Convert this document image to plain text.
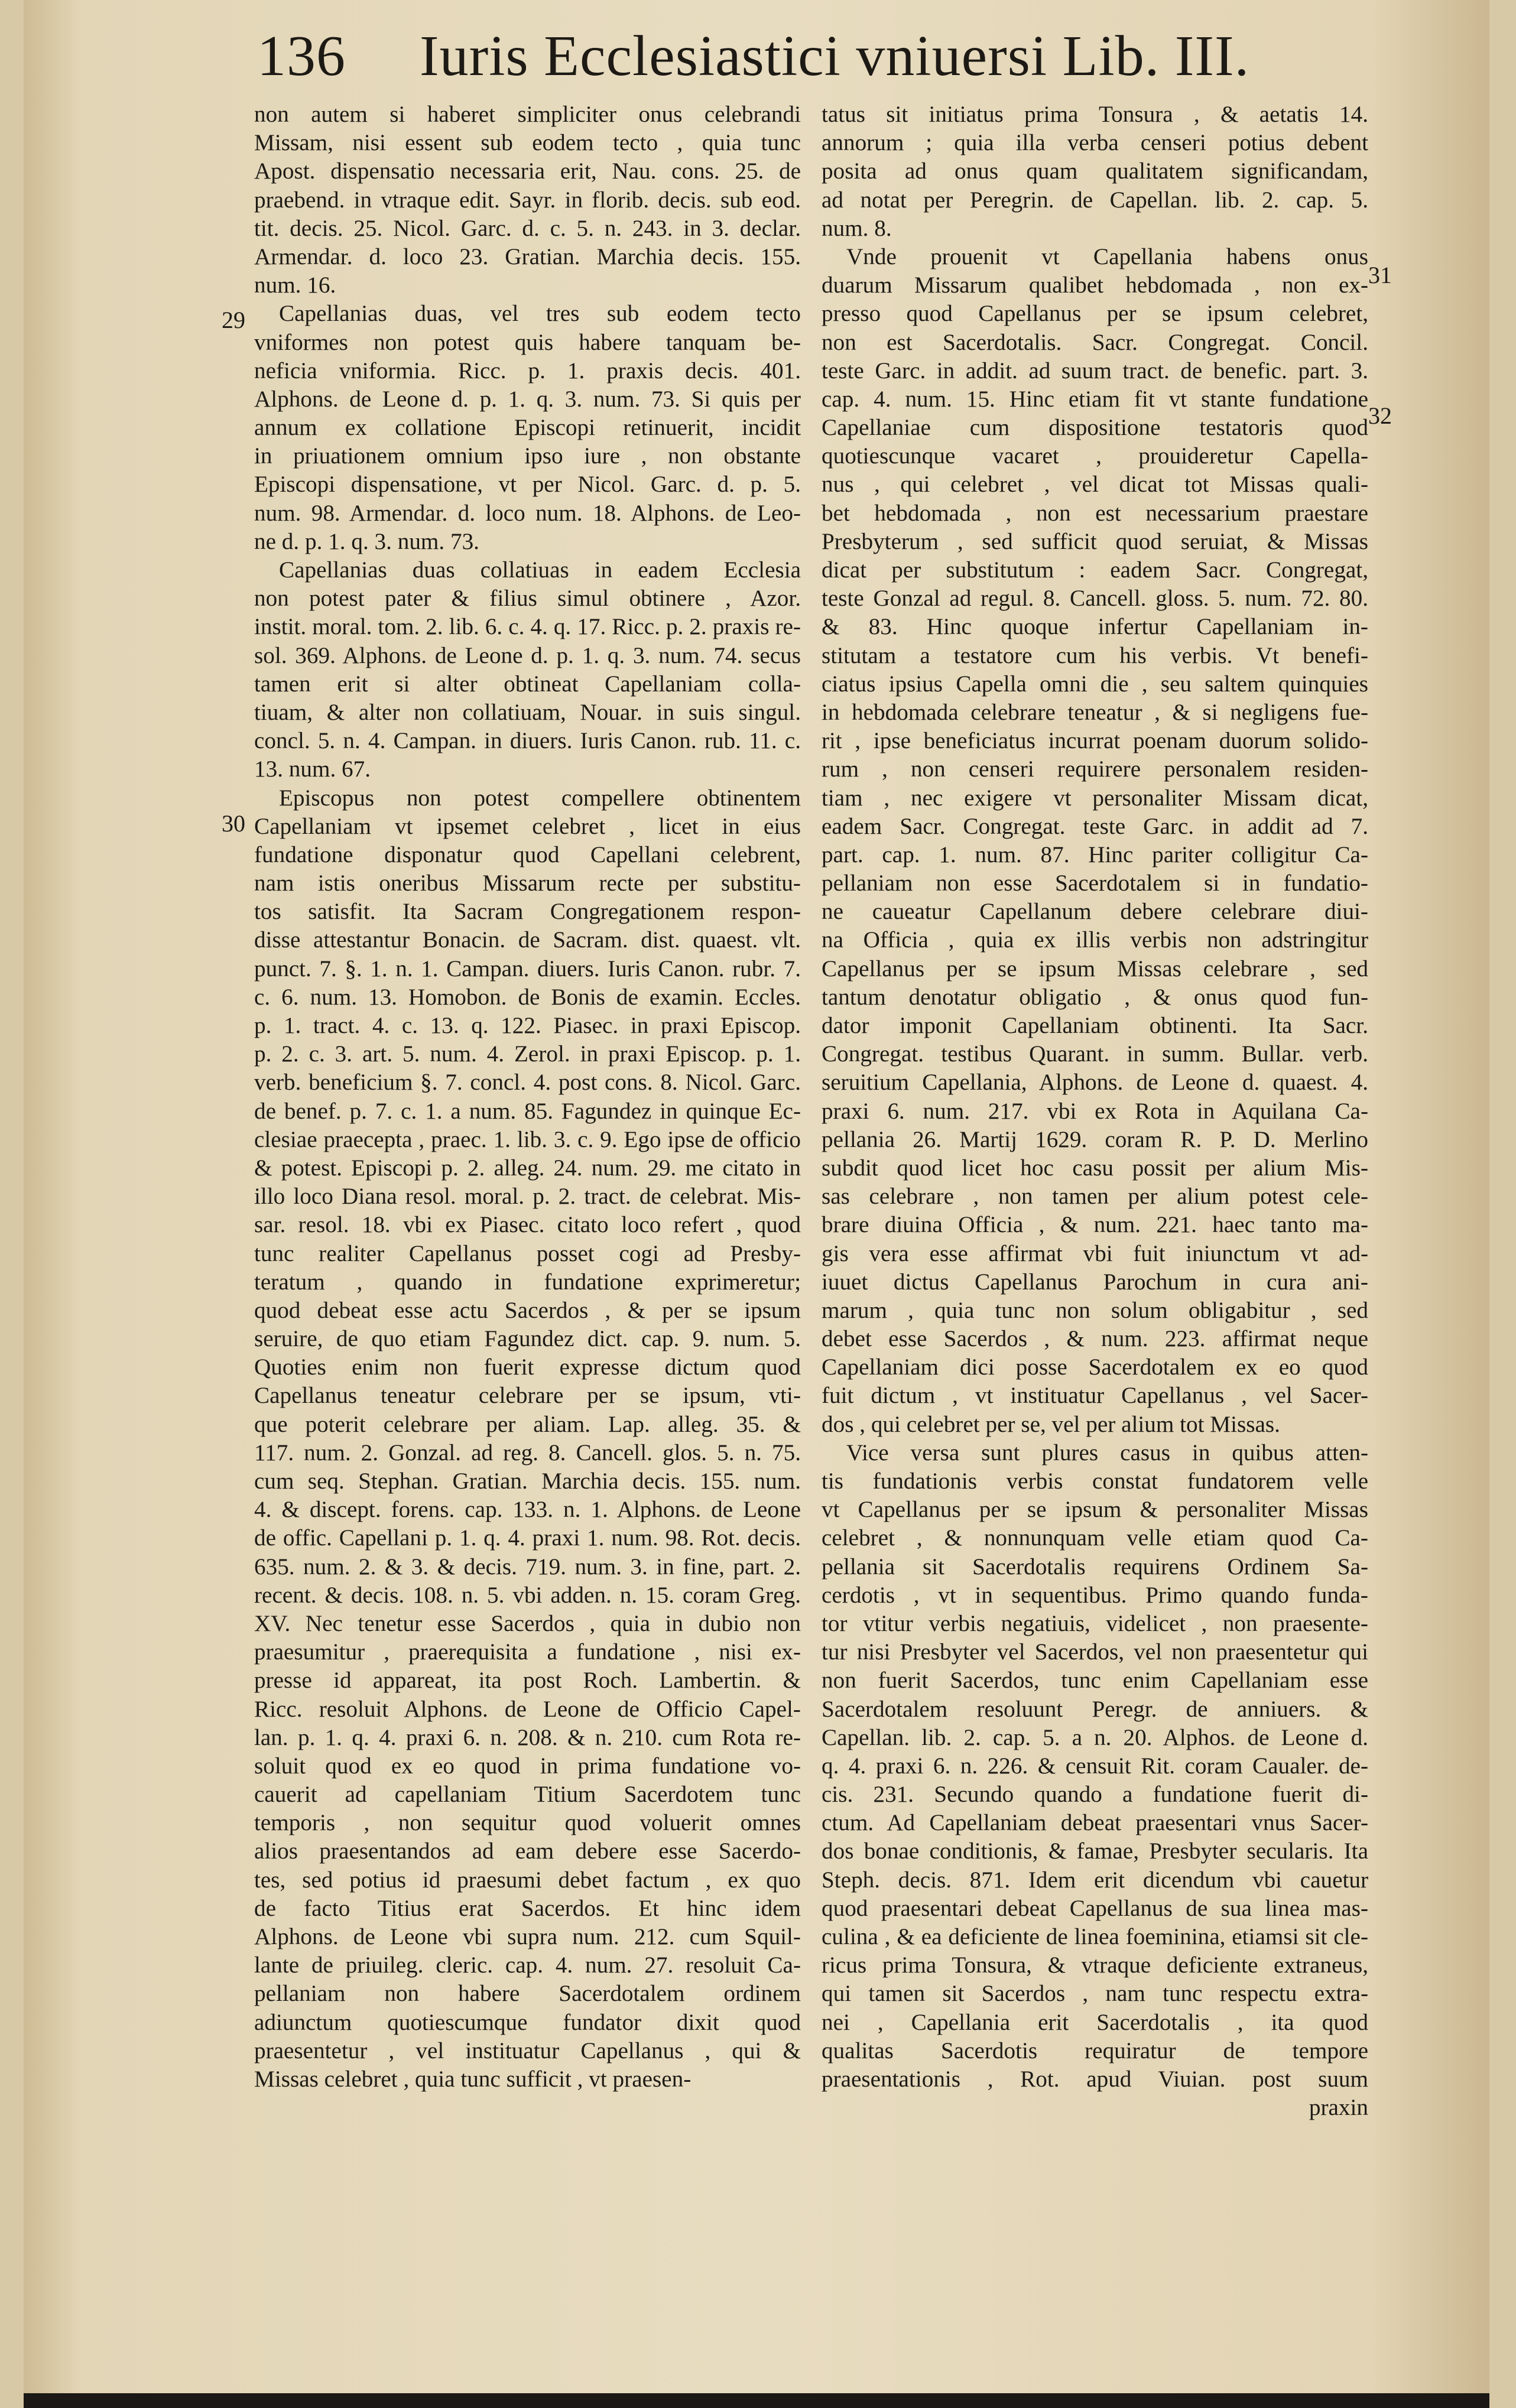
136 Iuris Ecclesiastici vniuersi Lib. III.
29
30
31
32
non autem si haberet simpliciter onus celebrandi
Missam, nisi essent sub eodem tecto , quia tunc
Apost. dispensatio necessaria erit, Nau. cons. 25. de
praebend. in vtraque edit. Sayr. in florib. decis. sub eod.
tit. decis. 25. Nicol. Garc. d. c. 5. n. 243. in 3. declar.
Armendar. d. loco 23. Gratian. Marchia decis. 155.
num. 16.
Capellanias duas, vel tres sub eodem tecto
vniformes non potest quis habere tanquam be-
neficia vniformia. Ricc. p. 1. praxis decis. 401.
Alphons. de Leone d. p. 1. q. 3. num. 73. Si quis per
annum ex collatione Episcopi retinuerit, incidit
in priuationem omnium ipso iure , non obstante
Episcopi dispensatione, vt per Nicol. Garc. d. p. 5.
num. 98. Armendar. d. loco num. 18. Alphons. de Leo-
ne d. p. 1. q. 3. num. 73.
Capellanias duas collatiuas in eadem Ecclesia
non potest pater & filius simul obtinere , Azor.
instit. moral. tom. 2. lib. 6. c. 4. q. 17. Ricc. p. 2. praxis re-
sol. 369. Alphons. de Leone d. p. 1. q. 3. num. 74. secus
tamen erit si alter obtineat Capellaniam colla-
tiuam, & alter non collatiuam, Nouar. in suis singul.
concl. 5. n. 4. Campan. in diuers. Iuris Canon. rub. 11. c.
13. num. 67.
Episcopus non potest compellere obtinentem
Capellaniam vt ipsemet celebret , licet in eius
fundatione disponatur quod Capellani celebrent,
nam istis oneribus Missarum recte per substitu-
tos satisfit. Ita Sacram Congregationem respon-
disse attestantur Bonacin. de Sacram. dist. quaest. vlt.
punct. 7. §. 1. n. 1. Campan. diuers. Iuris Canon. rubr. 7.
c. 6. num. 13. Homobon. de Bonis de examin. Eccles.
p. 1. tract. 4. c. 13. q. 122. Piasec. in praxi Episcop.
p. 2. c. 3. art. 5. num. 4. Zerol. in praxi Episcop. p. 1.
verb. beneficium §. 7. concl. 4. post cons. 8. Nicol. Garc.
de benef. p. 7. c. 1. a num. 85. Fagundez in quinque Ec-
clesiae praecepta , praec. 1. lib. 3. c. 9. Ego ipse de officio
& potest. Episcopi p. 2. alleg. 24. num. 29. me citato in
illo loco Diana resol. moral. p. 2. tract. de celebrat. Mis-
sar. resol. 18. vbi ex Piasec. citato loco refert , quod
tunc realiter Capellanus posset cogi ad Presby-
teratum , quando in fundatione exprimeretur;
quod debeat esse actu Sacerdos , & per se ipsum
seruire, de quo etiam Fagundez dict. cap. 9. num. 5.
Quoties enim non fuerit expresse dictum quod
Capellanus teneatur celebrare per se ipsum, vti-
que poterit celebrare per aliam. Lap. alleg. 35. &
117. num. 2. Gonzal. ad reg. 8. Cancell. glos. 5. n. 75.
cum seq. Stephan. Gratian. Marchia decis. 155. num.
4. & discept. forens. cap. 133. n. 1. Alphons. de Leone
de offic. Capellani p. 1. q. 4. praxi 1. num. 98. Rot. decis.
635. num. 2. & 3. & decis. 719. num. 3. in fine, part. 2.
recent. & decis. 108. n. 5. vbi adden. n. 15. coram Greg.
XV. Nec tenetur esse Sacerdos , quia in dubio non
praesumitur , praerequisita a fundatione , nisi ex-
presse id appareat, ita post Roch. Lambertin. &
Ricc. resoluit Alphons. de Leone de Officio Capel-
lan. p. 1. q. 4. praxi 6. n. 208. & n. 210. cum Rota re-
soluit quod ex eo quod in prima fundatione vo-
cauerit ad capellaniam Titium Sacerdotem tunc
temporis , non sequitur quod voluerit omnes
alios praesentandos ad eam debere esse Sacerdo-
tes, sed potius id praesumi debet factum , ex quo
de facto Titius erat Sacerdos. Et hinc idem
Alphons. de Leone vbi supra num. 212. cum Squil-
lante de priuileg. cleric. cap. 4. num. 27. resoluit Ca-
pellaniam non habere Sacerdotalem ordinem
adiunctum quotiescumque fundator dixit quod
praesentetur , vel instituatur Capellanus , qui &
Missas celebret , quia tunc sufficit , vt praesen-
tatus sit initiatus prima Tonsura , & aetatis 14.
annorum ; quia illa verba censeri potius debent
posita ad onus quam qualitatem significandam,
ad notat per Peregrin. de Capellan. lib. 2. cap. 5.
num. 8.
Vnde prouenit vt Capellania habens onus
duarum Missarum qualibet hebdomada , non ex-
presso quod Capellanus per se ipsum celebret,
non est Sacerdotalis. Sacr. Congregat. Concil.
teste Garc. in addit. ad suum tract. de benefic. part. 3.
cap. 4. num. 15. Hinc etiam fit vt stante fundatione
Capellaniae cum dispositione testatoris quod
quotiescunque vacaret , prouideretur Capella-
nus , qui celebret , vel dicat tot Missas quali-
bet hebdomada , non est necessarium praestare
Presbyterum , sed sufficit quod seruiat, & Missas
dicat per substitutum : eadem Sacr. Congregat,
teste Gonzal ad regul. 8. Cancell. gloss. 5. num. 72. 80.
& 83. Hinc quoque infertur Capellaniam in-
stitutam a testatore cum his verbis. Vt benefi-
ciatus ipsius Capella omni die , seu saltem quinquies
in hebdomada celebrare teneatur , & si negligens fue-
rit , ipse beneficiatus incurrat poenam duorum solido-
rum , non censeri requirere personalem residen-
tiam , nec exigere vt personaliter Missam dicat,
eadem Sacr. Congregat. teste Garc. in addit ad 7.
part. cap. 1. num. 87. Hinc pariter colligitur Ca-
pellaniam non esse Sacerdotalem si in fundatio-
ne caueatur Capellanum debere celebrare diui-
na Officia , quia ex illis verbis non adstringitur
Capellanus per se ipsum Missas celebrare , sed
tantum denotatur obligatio , & onus quod fun-
dator imponit Capellaniam obtinenti. Ita Sacr.
Congregat. testibus Quarant. in summ. Bullar. verb.
seruitium Capellania, Alphons. de Leone d. quaest. 4.
praxi 6. num. 217. vbi ex Rota in Aquilana Ca-
pellania 26. Martij 1629. coram R. P. D. Merlino
subdit quod licet hoc casu possit per alium Mis-
sas celebrare , non tamen per alium potest cele-
brare diuina Officia , & num. 221. haec tanto ma-
gis vera esse affirmat vbi fuit iniunctum vt ad-
iuuet dictus Capellanus Parochum in cura ani-
marum , quia tunc non solum obligabitur , sed
debet esse Sacerdos , & num. 223. affirmat neque
Capellaniam dici posse Sacerdotalem ex eo quod
fuit dictum , vt instituatur Capellanus , vel Sacer-
dos , qui celebret per se, vel per alium tot Missas.
Vice versa sunt plures casus in quibus atten-
tis fundationis verbis constat fundatorem velle
vt Capellanus per se ipsum & personaliter Missas
celebret , & nonnunquam velle etiam quod Ca-
pellania sit Sacerdotalis requirens Ordinem Sa-
cerdotis , vt in sequentibus. Primo quando funda-
tor vtitur verbis negatiuis, videlicet , non praesente-
tur nisi Presbyter vel Sacerdos, vel non praesentetur qui
non fuerit Sacerdos, tunc enim Capellaniam esse
Sacerdotalem resoluunt Peregr. de anniuers. &
Capellan. lib. 2. cap. 5. a n. 20. Alphos. de Leone d.
q. 4. praxi 6. n. 226. & censuit Rit. coram Caualer. de-
cis. 231. Secundo quando a fundatione fuerit di-
ctum. Ad Capellaniam debeat praesentari vnus Sacer-
dos bonae conditionis, & famae, Presbyter secularis. Ita
Steph. decis. 871. Idem erit dicendum vbi cauetur
quod praesentari debeat Capellanus de sua linea mas-
culina , & ea deficiente de linea foeminina, etiamsi sit cle-
ricus prima Tonsura, & vtraque deficiente extraneus,
qui tamen sit Sacerdos , nam tunc respectu extra-
nei , Capellania erit Sacerdotalis , ita quod
qualitas Sacerdotis requiratur de tempore
praesentationis , Rot. apud Viuian. post suum
praxin
